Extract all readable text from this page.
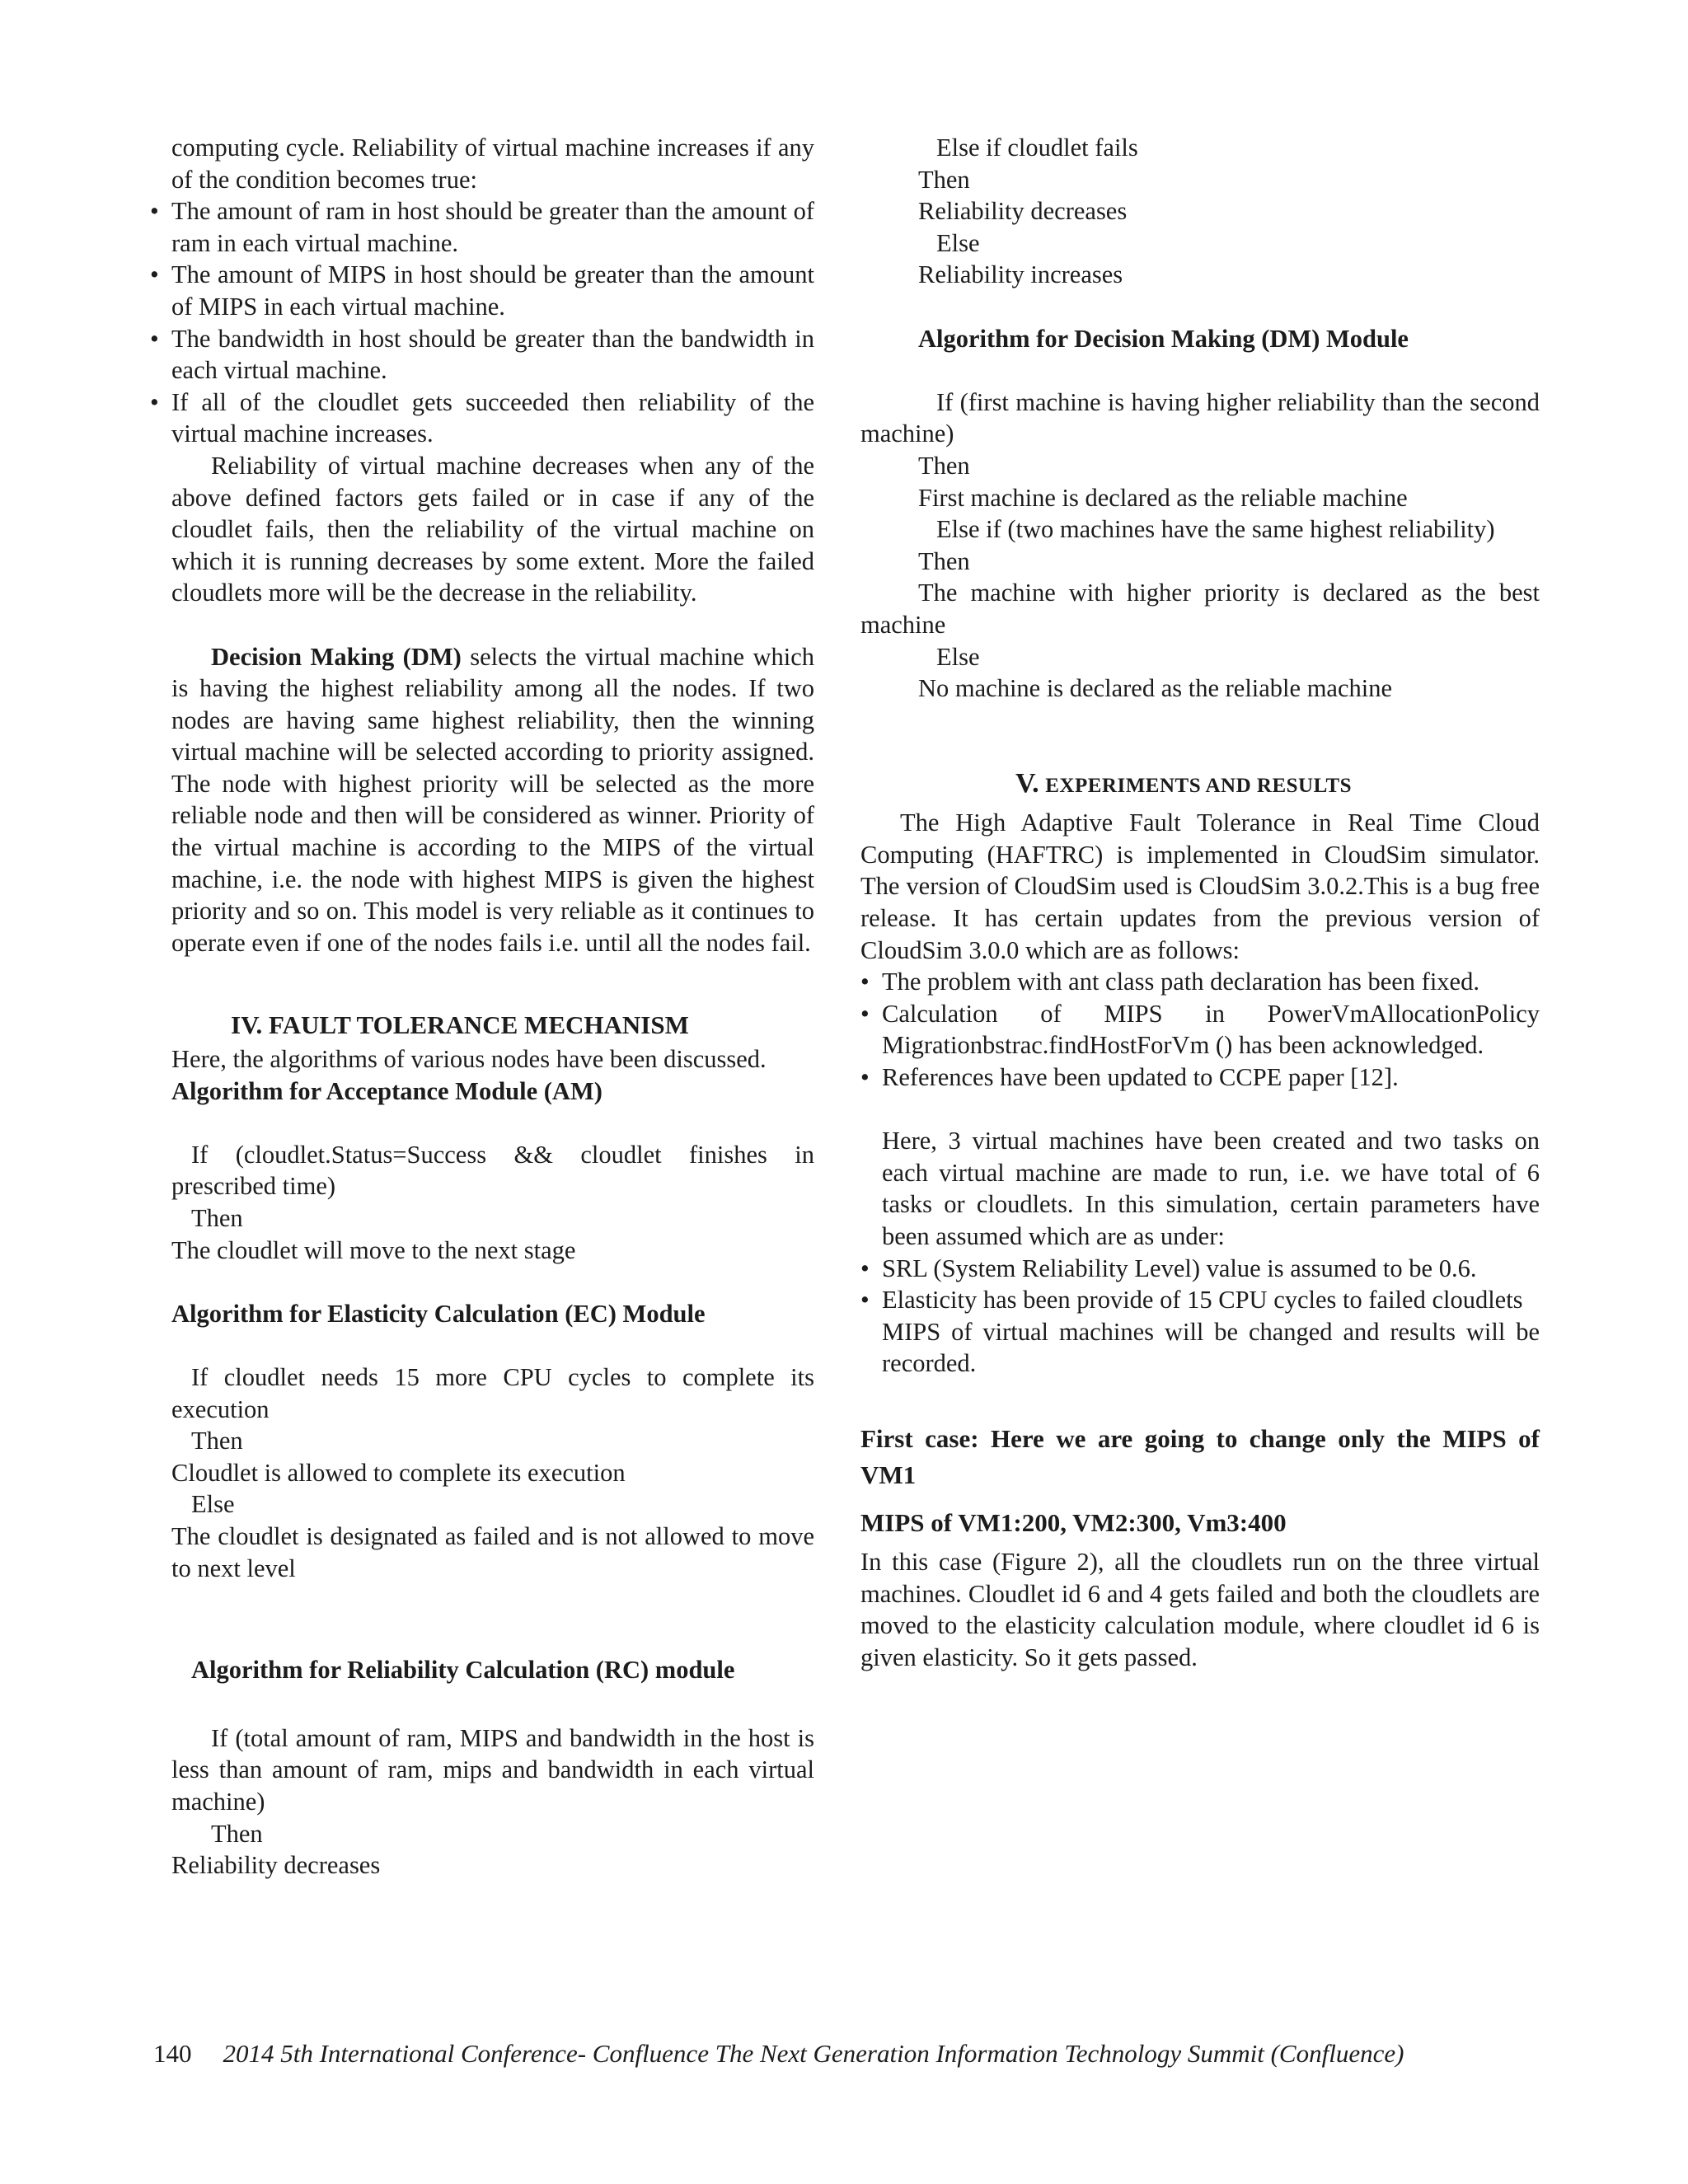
computing cycle. Reliability of virtual machine increases if any of the condition becomes true:

• The amount of ram in host should be greater than the amount of ram in each virtual machine.

• The amount of MIPS in host should be greater than the amount of MIPS in each virtual machine.

• The bandwidth in host should be greater than the bandwidth in each virtual machine.

• If all of the cloudlet gets succeeded then reliability of the virtual machine increases.

Reliability of virtual machine decreases when any of the above defined factors gets failed or in case if any of the cloudlet fails, then the reliability of the virtual machine on which it is running decreases by some extent. More the failed cloudlets more will be the decrease in the reliability.

Decision Making (DM) selects the virtual machine which is having the highest reliability among all the nodes. If two nodes are having same highest reliability, then the winning virtual machine will be selected according to priority assigned. The node with highest priority will be selected as the more reliable node and then will be considered as winner. Priority of the virtual machine is according to the MIPS of the virtual machine, i.e. the node with highest MIPS is given the highest priority and so on. This model is very reliable as it continues to operate even if one of the nodes fails i.e. until all the nodes fail.

IV. FAULT TOLERANCE MECHANISM

Here, the algorithms of various nodes have been discussed.

Algorithm for Acceptance Module (AM)

If (cloudlet.Status=Success && cloudlet finishes in prescribed time)

Then

The cloudlet will move to the next stage

Algorithm for Elasticity Calculation (EC) Module

If cloudlet needs 15 more CPU cycles to complete its execution

Then

Cloudlet is allowed to complete its execution

Else

The cloudlet is designated as failed and is not allowed to move to next level

Algorithm for Reliability Calculation (RC) module

If (total amount of ram, MIPS and bandwidth in the host is less than amount of ram, mips and bandwidth in each virtual machine)

Then

Reliability decreases

Else if cloudlet fails

Then

Reliability decreases

Else

Reliability increases

Algorithm for Decision Making (DM) Module

If (first machine is having higher reliability than the second machine)

Then

First machine is declared as the reliable machine

Else if (two machines have the same highest reliability)

Then

The machine with higher priority is declared as the best machine

Else

No machine is declared as the reliable machine

V. EXPERIMENTS AND RESULTS

The High Adaptive Fault Tolerance in Real Time Cloud Computing (HAFTRC) is implemented in CloudSim simulator. The version of CloudSim used is CloudSim 3.0.2.This is a bug free release. It has certain updates from the previous version of CloudSim 3.0.0 which are as follows:

• The problem with ant class path declaration has been fixed.

• Calculation of MIPS in PowerVmAllocationPolicy Migrationbstrac.findHostForVm () has been acknowledged.

• References have been updated to CCPE paper [12].

Here, 3 virtual machines have been created and two tasks on each virtual machine are made to run, i.e. we have total of 6 tasks or cloudlets. In this simulation, certain parameters have been assumed which are as under:

• SRL (System Reliability Level) value is assumed to be 0.6.

• Elasticity has been provide of 15 CPU cycles to failed cloudlets

MIPS of virtual machines will be changed and results will be recorded.

First case: Here we are going to change only the MIPS of VM1

MIPS of VM1:200, VM2:300, Vm3:400

In this case (Figure 2), all the cloudlets run on the three virtual machines. Cloudlet id 6 and 4 gets failed and both the cloudlets are moved to the elasticity calculation module, where cloudlet id 6 is given elasticity. So it gets passed.

140 2014 5th International Conference- Confluence The Next Generation Information Technology Summit (Confluence)
